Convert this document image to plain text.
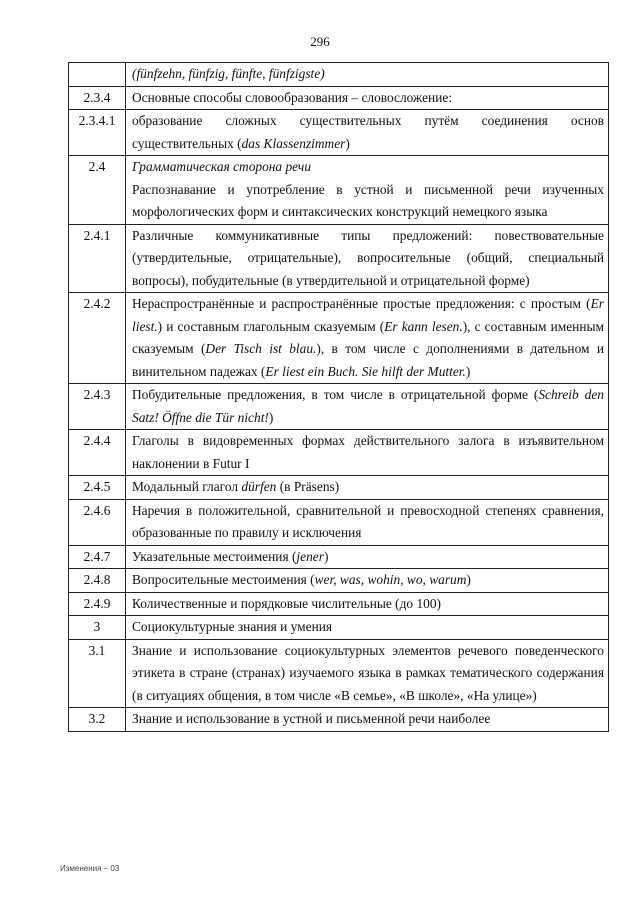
296

	(fünfzehn, fünfzig, fünfte, fünfzigste)

2.3.4	Основные способы словообразования – словосложение:

2.3.4.1	образование сложных существительных путём соединения основ существительных (das Klassenzimmer)

2.4	Грамматическая сторона речи
Распознавание и употребление в устной и письменной речи изученных морфологических форм и синтаксических конструкций немецкого языка

2.4.1	Различные коммуникативные типы предложений: повествовательные (утвердительные, отрицательные), вопросительные (общий, специальный вопросы), побудительные (в утвердительной и отрицательной форме)

2.4.2	Нераспространённые и распространённые простые предложения: с простым (Er liest.) и составным глагольным сказуемым (Er kann lesen.), с составным именным сказуемым (Der Tisch ist blau.), в том числе с дополнениями в дательном и винительном падежах (Er liest ein Buch. Sie hilft der Mutter.)

2.4.3	Побудительные предложения, в том числе в отрицательной форме (Schreib den Satz! Öffne die Tür nicht!)

2.4.4	Глаголы в видовременных формах действительного залога в изъявительном наклонении в Futur I

2.4.5	Модальный глагол dürfen (в Präsens)

2.4.6	Наречия в положительной, сравнительной и превосходной степенях сравнения, образованные по правилу и исключения

2.4.7	Указательные местоимения (jener)

2.4.8	Вопросительные местоимения (wer, was, wohin, wo, warum)

2.4.9	Количественные и порядковые числительные (до 100)

3	Социокультурные знания и умения

3.1	Знание и использование социокультурных элементов речевого поведенческого этикета в стране (странах) изучаемого языка в рамках тематического содержания (в ситуациях общения, в том числе «В семье», «В школе», «На улице»)

3.2	Знание и использование в устной и письменной речи наиболее
Изменения – 03
